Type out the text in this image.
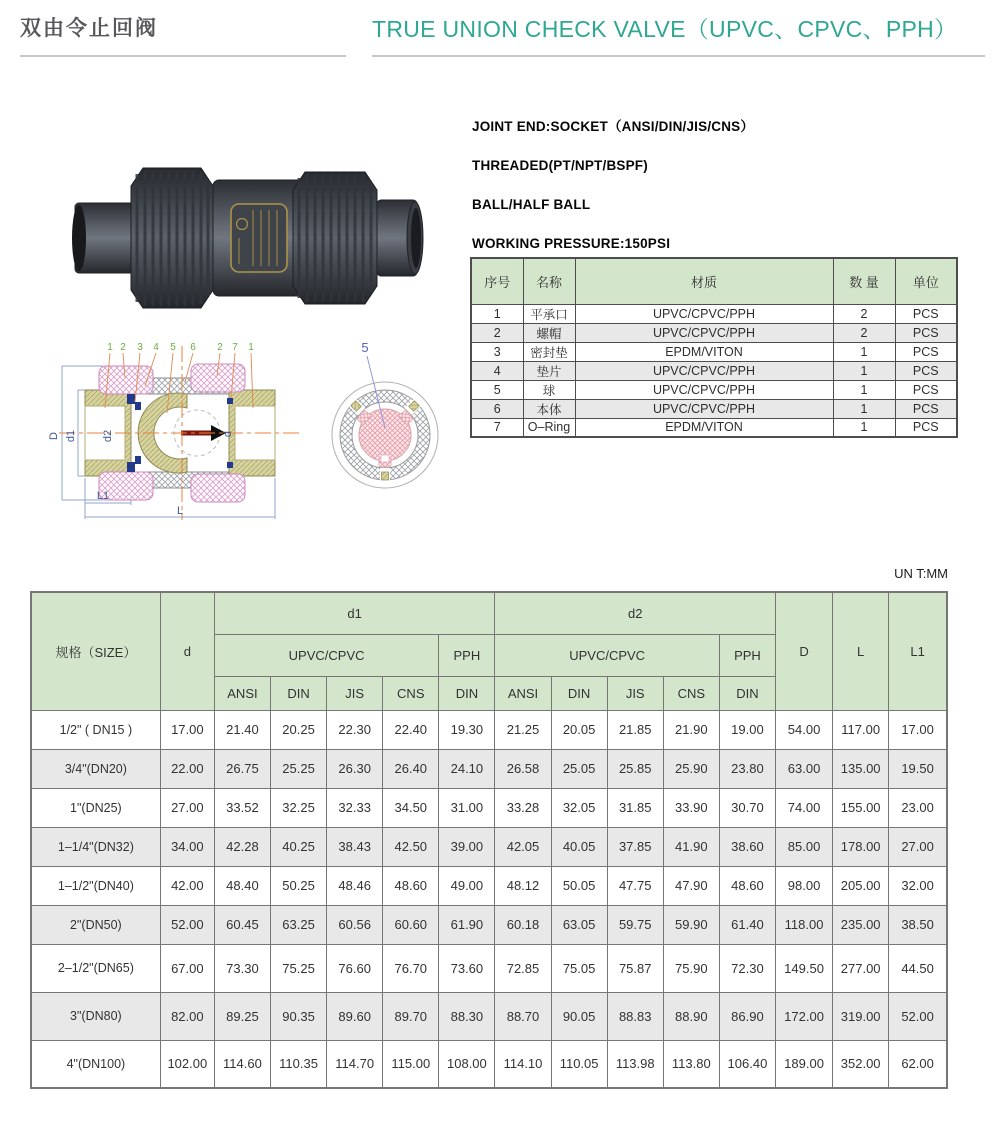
双由令止回阀	TRUE UNION CHECK VALVE（UPVC、CPVC、PPH）
JOINT END:SOCKET（ANSI/DIN/JIS/CNS）
THREADED(PT/NPT/BSPF)
BALL/HALF BALL
WORKING PRESSURE:150PSI
序号	名称	材质	数 量	单位
1	平承口	UPVC/CPVC/PPH	2	PCS
2	螺帽	UPVC/CPVC/PPH	2	PCS
3	密封垫	EPDM/VITON	1	PCS
4	垫片	UPVC/CPVC/PPH	1	PCS
5	球	UPVC/CPVC/PPH	1	PCS
6	本体	UPVC/CPVC/PPH	1	PCS
7	O–Ring	EPDM/VITON	1	PCS
1 2 3 4 5 6 2 7 1
D d1 d2	d
L1
L
5
UN T:MM
规格（SIZE）	d	d1					d2					D	L	L1
		UPVC/CPVC				PPH	UPVC/CPVC				PPH			
		ANSI	DIN	JIS	CNS	DIN	ANSI	DIN	JIS	CNS	DIN			
1/2" ( DN15 )	17.00	21.40	20.25	22.30	22.40	19.30	21.25	20.05	21.85	21.90	19.00	54.00	117.00	17.00
3/4"(DN20)	22.00	26.75	25.25	26.30	26.40	24.10	26.58	25.05	25.85	25.90	23.80	63.00	135.00	19.50
1"(DN25)	27.00	33.52	32.25	32.33	34.50	31.00	33.28	32.05	31.85	33.90	30.70	74.00	155.00	23.00
1–1/4"(DN32)	34.00	42.28	40.25	38.43	42.50	39.00	42.05	40.05	37.85	41.90	38.60	85.00	178.00	27.00
1–1/2"(DN40)	42.00	48.40	50.25	48.46	48.60	49.00	48.12	50.05	47.75	47.90	48.60	98.00	205.00	32.00
2"(DN50)	52.00	60.45	63.25	60.56	60.60	61.90	60.18	63.05	59.75	59.90	61.40	118.00	235.00	38.50
2–1/2"(DN65)	67.00	73.30	75.25	76.60	76.70	73.60	72.85	75.05	75.87	75.90	72.30	149.50	277.00	44.50
3"(DN80)	82.00	89.25	90.35	89.60	89.70	88.30	88.70	90.05	88.83	88.90	86.90	172.00	319.00	52.00
4"(DN100)	102.00	114.60	110.35	114.70	115.00	108.00	114.10	110.05	113.98	113.80	106.40	189.00	352.00	62.00
